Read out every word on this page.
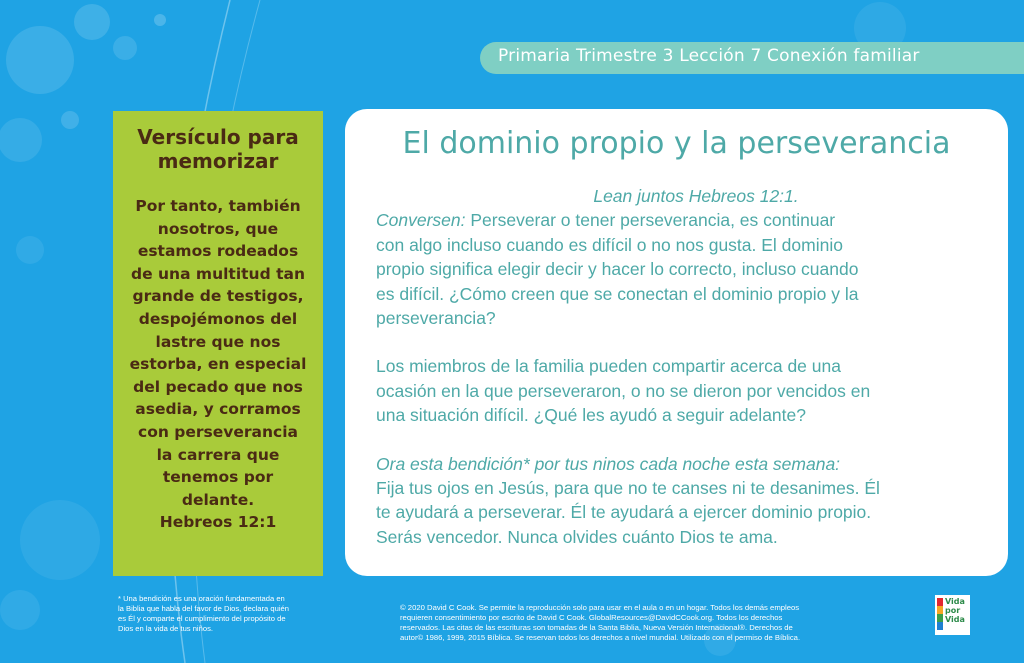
Primaria Trimestre 3 Lección 7 Conexión familiar
Versículo para
memorizar
Por tanto, también
nosotros, que
estamos rodeados
de una multitud tan
grande de testigos,
despojémonos del
lastre que nos
estorba, en especial
del pecado que nos
asedia, y corramos
con perseverancia
la carrera que
tenemos por
delante.
Hebreos 12:1
El dominio propio y la perseverancia

Lean juntos Hebreos 12:1.

Conversen: Perseverar o tener perseverancia, es continuar

con algo incluso cuando es difícil o no nos gusta. El dominio

propio significa elegir decir y hacer lo correcto, incluso cuando

es difícil. ¿Cómo creen que se conectan el dominio propio y la

perseverancia?

Los miembros de la familia pueden compartir acerca de una

ocasión en la que perseveraron, o no se dieron por vencidos en

una situación difícil. ¿Qué les ayudó a seguir adelante?

Ora esta bendición* por tus ninos cada noche esta semana:

Fija tus ojos en Jesús, para que no te canses ni te desanimes. Él

te ayudará a perseverar. Él te ayudará a ejercer dominio propio.

Serás vencedor. Nunca olvides cuánto Dios te ama.

* Una bendición es una oración fundamentada en
la Biblia que habla del favor de Dios, declara quién
es Él y comparte el cumplimiento del propósito de
Dios en la vida de tus niños.
© 2020 David C Cook. Se permite la reproducción solo para usar en el aula o en un hogar. Todos los demás empleos
requieren consentimiento por escrito de David C Cook. GlobalResources@DavidCCook.org. Todos los derechos
reservados. Las citas de las escrituras son tomadas de la Santa Biblia, Nueva Versión Internacional®. Derechos de
autor© 1986, 1999, 2015 Bíblica. Se reservan todos los derechos a nivel mundial. Utilizado con el permiso de Bíblica.
Vida
por
Vida
